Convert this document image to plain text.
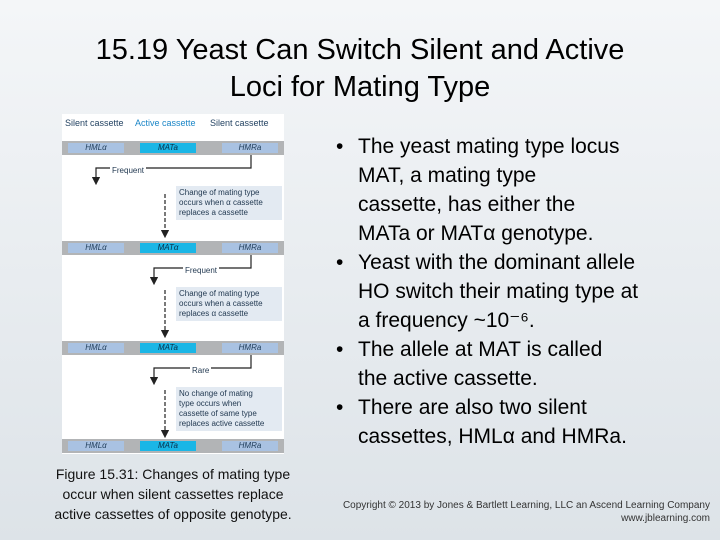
15.19 Yeast Can Switch Silent and Active
Loci for Mating Type
Silent cassette Active cassette Silent cassette
HMLα	MATa	HMRa
HMLα	MATα	HMRa
HMLα	MATa	HMRa
HMLα	MATa	HMRa
Frequent
Frequent
Rare
Change of mating type
occurs when α cassette
replaces a cassette
Change of mating type
occurs when a cassette
replaces α cassette
No change of mating
type occurs when
cassette of same type
replaces active cassette
Figure 15.31: Changes of mating type
occur when silent cassettes replace
active cassettes of opposite genotype.
• The yeast mating type locus
MAT, a mating type
cassette, has either the
MATa or MATα genotype.
• Yeast with the dominant allele
HO switch their mating type at
a frequency ~10⁻⁶.
• The allele at MAT is called
the active cassette.
• There are also two silent
cassettes, HMLα and HMRa.
Copyright © 2013 by Jones & Bartlett Learning, LLC an Ascend Learning Company
www.jblearning.com
